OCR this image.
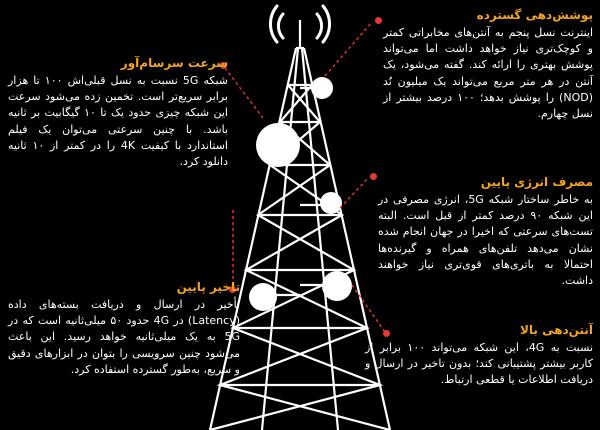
پوشش‌دهی گسترده

اینترنت نسل پنجم به آنتن‌های مخابراتی کمتر و کوچک‌تری نیاز خواهد داشت اما می‌تواند پوشش بهتری را ارائه کند. گفته می‌شود، یک آنتن در هر متر مربع می‌تواند یک میلیون نُد (NOD) را پوشش بدهد؛ ۱۰۰ درصد بیشتر از نسل چهارم.

سرعت سرسام‌آور

شبکه 5G نسبت به نسل قبلی‌اش ۱۰۰ تا هزار برابر سریع‌تر است. تخمین زده می‌شود سرعت این شبکه چیزی حدود یک تا ۱۰ گیگابیت بر ثانیه باشد. با چنین سرعتی می‌توان یک فیلم استاندارد با کیفیت 4K را در کمتر از ۱۰ ثانیه دانلود کرد.

مصرف انرژی پایین

به خاطر ساختار شبکه 5G، انرژی مصرفی در این شبکه ۹۰ درصد کمتر از قبل است. البته تست‌های سرعتی که اخیرا در جهان انجام شده نشان می‌دهد تلفن‌های همراه و گیرنده‌ها احتمالا به باتری‌های قوی‌تری نیاز خواهند داشت.

تاخیر پایین

تأخیر در ارسال و دریافت بسته‌های داده (Latency) در 4G حدود ۵۰ میلی‌ثانیه است که در 5G به یک میلی‌ثانیه خواهد رسید. این باعث می‌شود چنین سرویسی را بتوان در ابزارهای دقیق و سریع، به‌طور گسترده استفاده کرد.

آنتن‌دهی بالا

نسبت به 4G، این شبکه می‌تواند ۱۰۰ برابر از کاربر بیشتر پشتیبانی کند؛ بدون تاخیر در ارسال و دریافت اطلاعات یا قطعی ارتباط.
